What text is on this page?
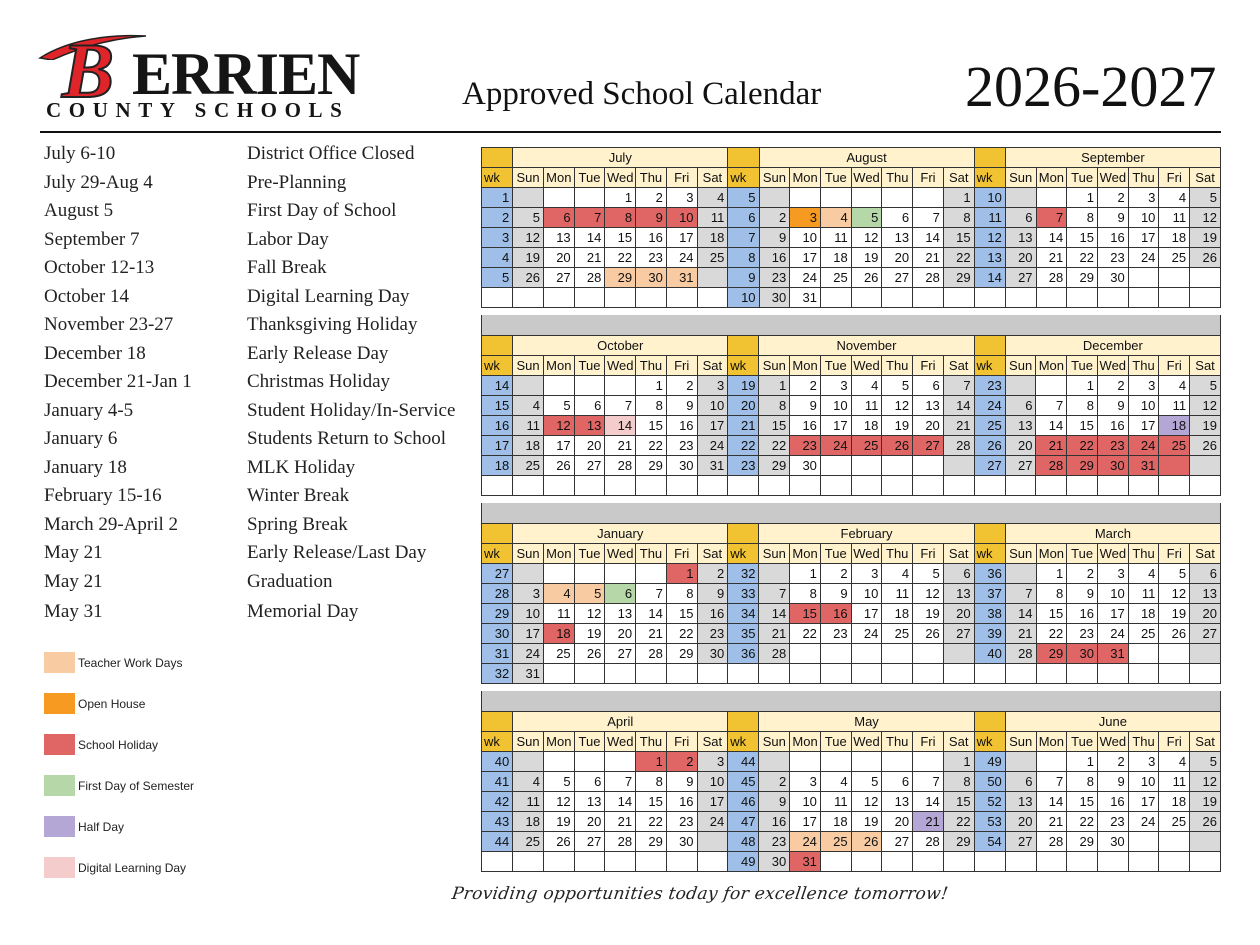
B ERRIEN
COUNTY SCHOOLS	Approved School Calendar 2026-2027
July 6-10	District Office Closed
July 29-Aug 4	Pre-Planning
August 5	First Day of School
September 7	Labor Day
October 12-13	Fall Break
October 14	Digital Learning Day
November 23-27	Thanksgiving Holiday
December 18	Early Release Day
December 21-Jan 1	Christmas Holiday
January 4-5	Student Holiday/In-Service
January 6	Students Return to School
January 18	MLK Holiday
February 15-16	Winter Break
March 29-April 2	Spring Break
May 21	Early Release/Last Day
May 21	Graduation
May 31	Memorial Day
Teacher Work Days
Open House
School Holiday
First Day of Semester
Half Day
Digital Learning Day
	July								August								September						
wk	Sun	Mon	Tue	Wed	Thu	Fri	Sat	wk	Sun	Mon	Tue	Wed	Thu	Fri	Sat	wk	Sun	Mon	Tue	Wed	Thu	Fri	Sat
1				1	2	3	4	5							1	10			1	2	3	4	5
2	5	6	7	8	9	10	11	6	2	3	4	5	6	7	8	11	6	7	8	9	10	11	12
3	12	13	14	15	16	17	18	7	9	10	11	12	13	14	15	12	13	14	15	16	17	18	19
4	19	20	21	22	23	24	25	8	16	17	18	19	20	21	22	13	20	21	22	23	24	25	26
5	26	27	28	29	30	31		9	23	24	25	26	27	28	29	14	27	28	29	30			
								10	30	31													
	October								November								December						
wk	Sun	Mon	Tue	Wed	Thu	Fri	Sat	wk	Sun	Mon	Tue	Wed	Thu	Fri	Sat	wk	Sun	Mon	Tue	Wed	Thu	Fri	Sat
14					1	2	3	19	1	2	3	4	5	6	7	23			1	2	3	4	5
15	4	5	6	7	8	9	10	20	8	9	10	11	12	13	14	24	6	7	8	9	10	11	12
16	11	12	13	14	15	16	17	21	15	16	17	18	19	20	21	25	13	14	15	16	17	18	19
17	18	17	20	21	22	23	24	22	22	23	24	25	26	27	28	26	20	21	22	23	24	25	26
18	25	26	27	28	29	30	31	23	29	30						27	27	28	29	30	31		

	January								February								March						
wk	Sun	Mon	Tue	Wed	Thu	Fri	Sat	wk	Sun	Mon	Tue	Wed	Thu	Fri	Sat	wk	Sun	Mon	Tue	Wed	Thu	Fri	Sat
27						1	2	32		1	2	3	4	5	6	36		1	2	3	4	5	6
28	3	4	5	6	7	8	9	33	7	8	9	10	11	12	13	37	7	8	9	10	11	12	13
29	10	11	12	13	14	15	16	34	14	15	16	17	18	19	20	38	14	15	16	17	18	19	20
30	17	18	19	20	21	22	23	35	21	22	23	24	25	26	27	39	21	22	23	24	25	26	27
31	24	25	26	27	28	29	30	36	28							40	28	29	30	31			
32	31																						
	April								May								June						
wk	Sun	Mon	Tue	Wed	Thu	Fri	Sat	wk	Sun	Mon	Tue	Wed	Thu	Fri	Sat	wk	Sun	Mon	Tue	Wed	Thu	Fri	Sat
40					1	2	3	44							1	49			1	2	3	4	5
41	4	5	6	7	8	9	10	45	2	3	4	5	6	7	8	50	6	7	8	9	10	11	12
42	11	12	13	14	15	16	17	46	9	10	11	12	13	14	15	52	13	14	15	16	17	18	19
43	18	19	20	21	22	23	24	47	16	17	18	19	20	21	22	53	20	21	22	23	24	25	26
44	25	26	27	28	29	30		48	23	24	25	26	27	28	29	54	27	28	29	30			
								49	30	31													
Providing opportunities today for excellence tomorrow!
